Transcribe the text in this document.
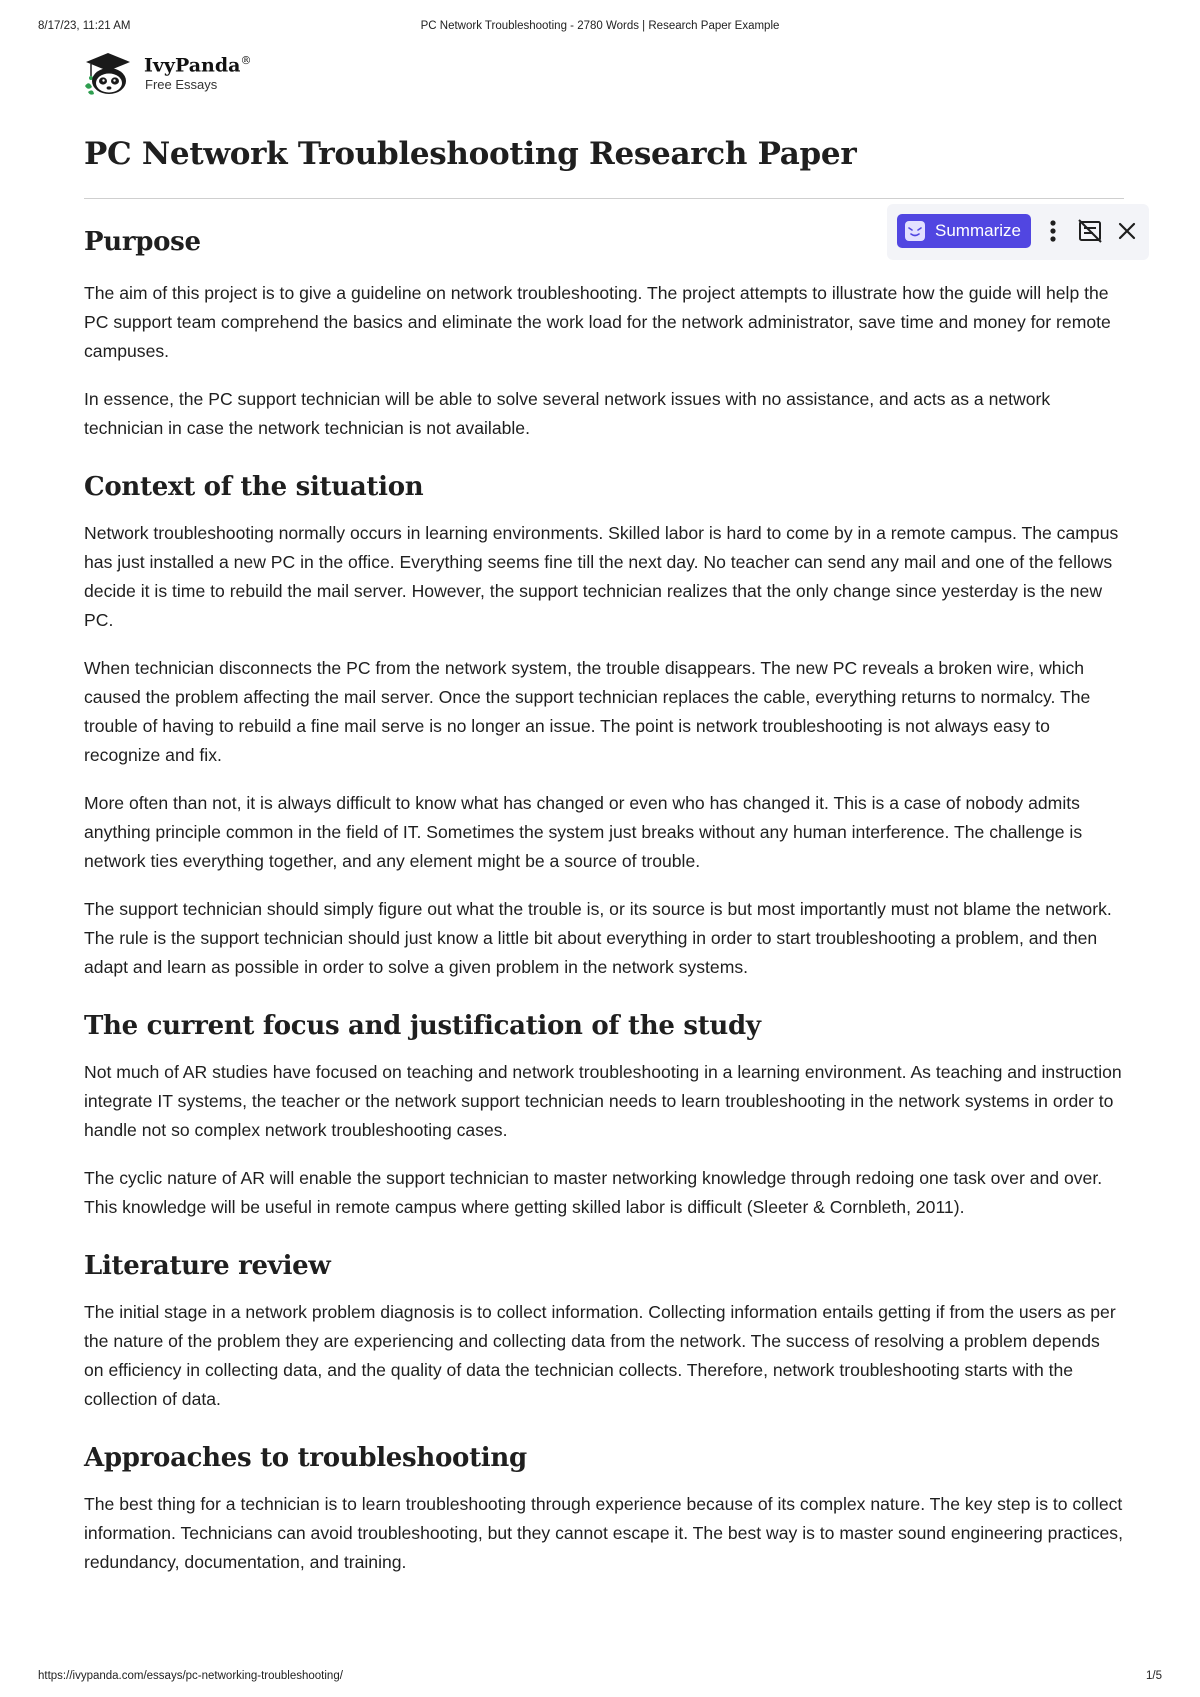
8/17/23, 11:21 AM	PC Network Troubleshooting - 2780 Words | Research Paper Example
IvyPanda®
Free Essays
Summarize
PC Network Troubleshooting Research Paper
Purpose

The aim of this project is to give a guideline on network troubleshooting. The project attempts to illustrate how the guide will help the PC support team comprehend the basics and eliminate the work load for the network administrator, save time and money for remote campuses.

In essence, the PC support technician will be able to solve several network issues with no assistance, and acts as a network technician in case the network technician is not available.

Context of the situation

Network troubleshooting normally occurs in learning environments. Skilled labor is hard to come by in a remote campus. The campus has just installed a new PC in the office. Everything seems fine till the next day. No teacher can send any mail and one of the fellows decide it is time to rebuild the mail server. However, the support technician realizes that the only change since yesterday is the new PC.

When technician disconnects the PC from the network system, the trouble disappears. The new PC reveals a broken wire, which caused the problem affecting the mail server. Once the support technician replaces the cable, everything returns to normalcy. The trouble of having to rebuild a fine mail serve is no longer an issue. The point is network troubleshooting is not always easy to recognize and fix.

More often than not, it is always difficult to know what has changed or even who has changed it. This is a case of nobody admits anything principle common in the field of IT. Sometimes the system just breaks without any human interference. The challenge is network ties everything together, and any element might be a source of trouble.

The support technician should simply figure out what the trouble is, or its source is but most importantly must not blame the network. The rule is the support technician should just know a little bit about everything in order to start troubleshooting a problem, and then adapt and learn as possible in order to solve a given problem in the network systems.

The current focus and justification of the study

Not much of AR studies have focused on teaching and network troubleshooting in a learning environment. As teaching and instruction integrate IT systems, the teacher or the network support technician needs to learn troubleshooting in the network systems in order to handle not so complex network troubleshooting cases.

The cyclic nature of AR will enable the support technician to master networking knowledge through redoing one task over and over. This knowledge will be useful in remote campus where getting skilled labor is difficult (Sleeter & Cornbleth, 2011).

Literature review

The initial stage in a network problem diagnosis is to collect information. Collecting information entails getting if from the users as per the nature of the problem they are experiencing and collecting data from the network. The success of resolving a problem depends on efficiency in collecting data, and the quality of data the technician collects. Therefore, network troubleshooting starts with the collection of data.

Approaches to troubleshooting

The best thing for a technician is to learn troubleshooting through experience because of its complex nature. The key step is to collect information. Technicians can avoid troubleshooting, but they cannot escape it. The best way is to master sound engineering practices, redundancy, documentation, and training.

https://ivypanda.com/essays/pc-networking-troubleshooting/	1/5
